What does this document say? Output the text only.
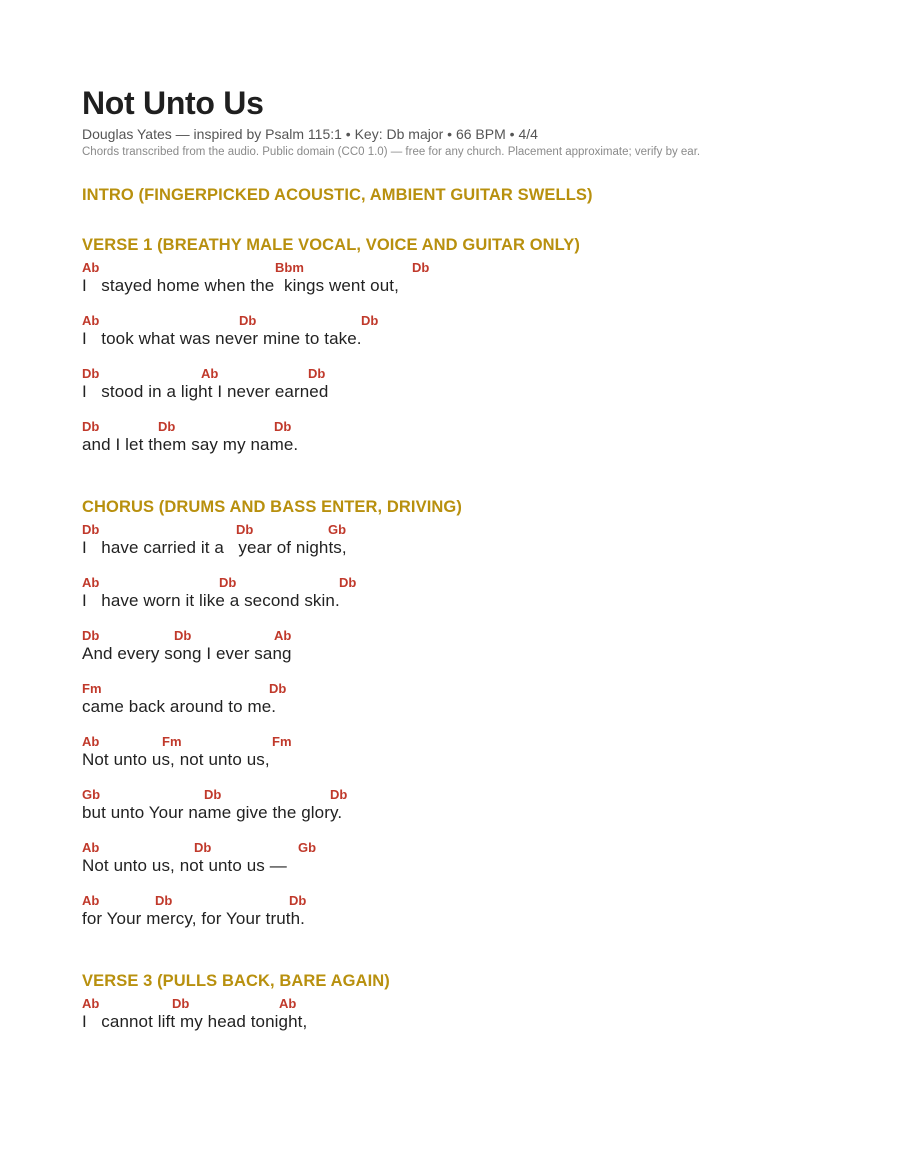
Not Unto Us
Douglas Yates — inspired by Psalm 115:1 • Key: Db major • 66 BPM • 4/4
Chords transcribed from the audio. Public domain (CC0 1.0) — free for any church. Placement approximate; verify by ear.
INTRO (FINGERPICKED ACOUSTIC, AMBIENT GUITAR SWELLS)
VERSE 1 (BREATHY MALE VOCAL, VOICE AND GUITAR ONLY)
Ab	Bbm	Db
I   stayed home when the  kings went out,
Ab	Db	Db
I   took what was never mine to take.
Db	Ab	Db
I   stood in a light I never earned
Db	Db	Db
and I let them say my name.
CHORUS (DRUMS AND BASS ENTER, DRIVING)
Db	Db	Gb
I   have carried it a   year of nights,
Ab	Db	Db
I   have worn it like a second skin.
Db	Db	Ab
And every song I ever sang
Fm	Db
came back around to me.
Ab	Fm	Fm
Not unto us, not unto us,
Gb	Db	Db
but unto Your name give the glory.
Ab	Db	Gb
Not unto us, not unto us —
Ab	Db	Db
for Your mercy, for Your truth.
VERSE 3 (PULLS BACK, BARE AGAIN)
Ab	Db	Ab
I   cannot lift my head tonight,
